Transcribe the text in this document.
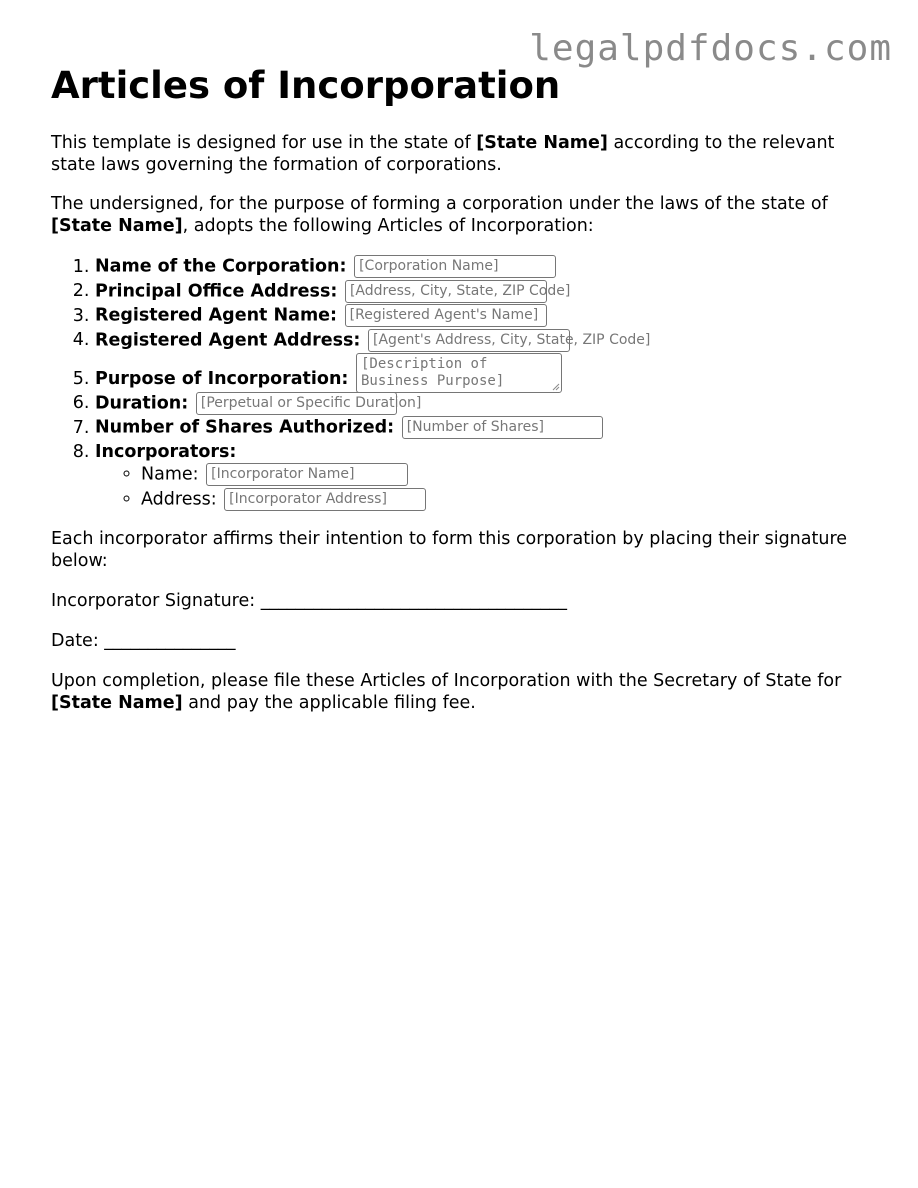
legalpdfdocs.com
Articles of Incorporation

This template is designed for use in the state of [State Name] according to the relevant state laws governing the formation of corporations.

The undersigned, for the purpose of forming a corporation under the laws of the state of [State Name], adopts the following Articles of Incorporation:

1. Name of the Corporation: [Corporation Name]
2. Principal Office Address: [Address, City, State, ZIP Code]
3. Registered Agent Name: [Registered Agent's Name]
4. Registered Agent Address: [Agent's Address, City, State, ZIP Code]
5. Purpose of Incorporation: [Description of Business Purpose]
6. Duration: [Perpetual or Specific Duration]
7. Number of Shares Authorized: [Number of Shares]
8. Incorporators:
◦ Name: [Incorporator Name]
◦ Address: [Incorporator Address]

Each incorporator affirms their intention to form this corporation by placing their signature below:

Incorporator Signature: ___________________________________

Date: _______________

Upon completion, please file these Articles of Incorporation with the Secretary of State for [State Name] and pay the applicable filing fee.
